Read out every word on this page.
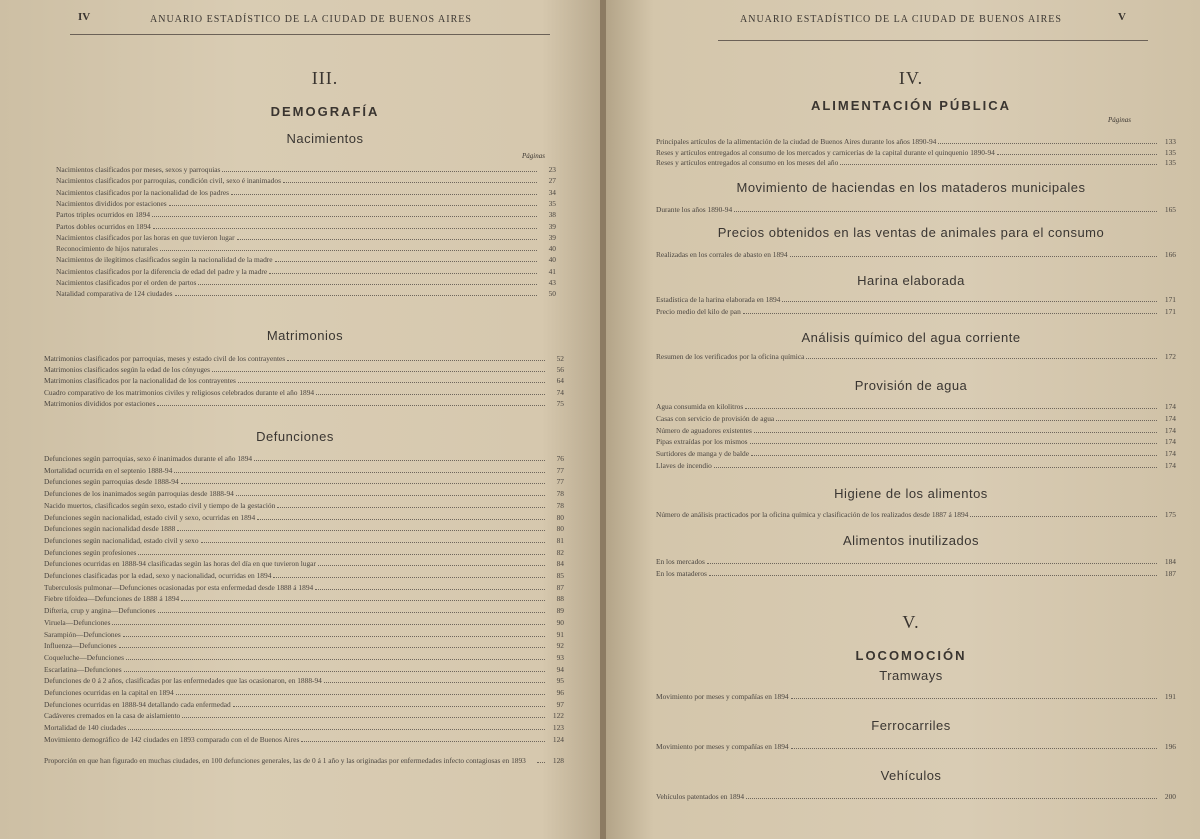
IV	ANUARIO ESTADÍSTICO DE LA CIUDAD DE BUENOS AIRES
III.
DEMOGRAFÍA
Nacimientos
Páginas
Matrimonios
Defunciones
Nacimientos clasificados por meses, sexos y parroquias	23
Nacimientos clasificados por parroquias, condición civil, sexo é inanimados	27
Nacimientos clasificados por la nacionalidad de los padres	34
Nacimientos divididos por estaciones	35
Partos triples ocurridos en 1894	38
Partos dobles ocurridos en 1894	39
Nacimientos clasificados por las horas en que tuvieron lugar	39
Reconocimiento de hijos naturales	40
Nacimientos de ilegítimos clasificados según la nacionalidad de la madre	40
Nacimientos clasificados por la diferencia de edad del padre y la madre	41
Nacimientos clasificados por el orden de partos	43
Natalidad comparativa de 124 ciudades	50
Matrimonios clasificados por parroquias, meses y estado civil de los contrayentes	52
Matrimonios clasificados según la edad de los cónyuges	56
Matrimonios clasificados por la nacionalidad de los contrayentes	64
Cuadro comparativo de los matrimonios civiles y religiosos celebrados durante el año 1894	74
Matrimonios divididos por estaciones	75
Defunciones según parroquias, sexo é inanimados durante el año 1894	76
Mortalidad ocurrida en el septenio 1888-94	77
Defunciones según parroquias desde 1888-94	77
Defunciones de los inanimados según parroquias desde 1888-94	78
Nacido muertos, clasificados según sexo, estado civil y tiempo de la gestación	78
Defunciones según nacionalidad, estado civil y sexo, ocurridas en 1894	80
Defunciones según nacionalidad desde 1888	80
Defunciones según nacionalidad, estado civil y sexo	81
Defunciones según profesiones	82
Defunciones ocurridas en 1888-94 clasificadas según las horas del día en que tuvieron lugar	84
Defunciones clasificadas por la edad, sexo y nacionalidad, ocurridas en 1894	85
Tuberculosis pulmonar—Defunciones ocasionadas por esta enfermedad desde 1888 á 1894	87
Fiebre tifoidea—Defunciones de 1888 á 1894	88
Difteria, crup y angina—Defunciones	89
Viruela—Defunciones	90
Sarampión—Defunciones	91
Influenza—Defunciones	92
Coqueluche—Defunciones	93
Escarlatina—Defunciones	94
Defunciones de 0 á 2 años, clasificadas por las enfermedades que las ocasionaron, en 1888-94	95
Defunciones ocurridas en la capital en 1894	96
Defunciones ocurridas en 1888-94 detallando cada enfermedad	97
Cadáveres cremados en la casa de aislamiento	122
Mortalidad de 140 ciudades	123
Movimiento demográfico de 142 ciudades en 1893 comparado con el de Buenos Aires	124
Proporción en que han figurado en muchas ciudades, en 100 defunciones generales, las de 0 á 1 año y las originadas por enfermedades infecto contagiosas en 1893	128
ANUARIO ESTADÍSTICO DE LA CIUDAD DE BUENOS AIRES	V
IV.
ALIMENTACIÓN PÚBLICA
Páginas
V.
LOCOMOCIÓN
Principales artículos de la alimentación de la ciudad de Buenos Aires durante los años 1890-94	133
Reses y artículos entregados al consumo de los mercados y carnicerías de la capital durante el quinquenio 1890-94	135
Reses y artículos entregados al consumo en los meses del año	135
Movimiento de haciendas en los mataderos municipales
Durante los años 1890-94	165
Precios obtenidos en las ventas de animales para el consumo
Realizadas en los corrales de abasto en 1894	166
Harina elaborada
Estadística de la harina elaborada en 1894	171
Precio medio del kilo de pan	171
Análisis químico del agua corriente
Resumen de los verificados por la oficina química	172
Provisión de agua
Agua consumida en kilolitros	174
Casas con servicio de provisión de agua	174
Número de aguadores existentes	174
Pipas extraídas por los mismos	174
Surtidores de manga y de balde	174
Llaves de incendio	174
Higiene de los alimentos
Número de análisis practicados por la oficina química y clasificación de los realizados desde 1887 á 1894	175
Alimentos inutilizados
En los mercados	184
En los mataderos	187
Tramways
Movimiento por meses y compañías en 1894	191
Ferrocarriles
Movimiento por meses y compañías en 1894	196
Vehículos
Vehículos patentados en 1894	200
